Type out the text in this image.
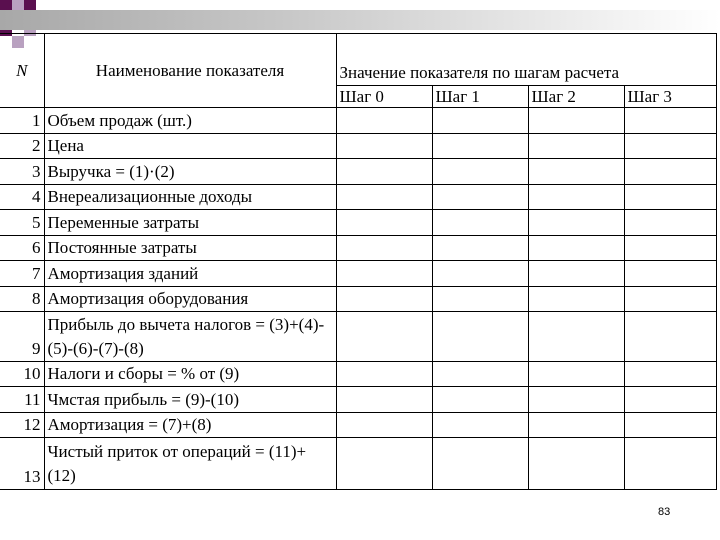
N	Наименование показателя	Значение показателя по шагам расчета			
		Шаг 0	Шаг 1	Шаг 2	Шаг 3
1	Объем продаж (шт.)				
2	Цена				
3	Выручка = (1)·(2)				
4	Внереализационные доходы				
5	Переменные затраты				
6	Постоянные затраты				
7	Амортизация зданий				
8	Амортизация оборудования				
9	Прибыль до вычета налогов = (3)+(4)-(5)-(6)-(7)-(8)				
10	Налоги и сборы = % от (9)				
11	Чмстая прибыль = (9)-(10)				
12	Амортизация = (7)+(8)				
13	Чистый приток от операций = (11)+(12)				
83
